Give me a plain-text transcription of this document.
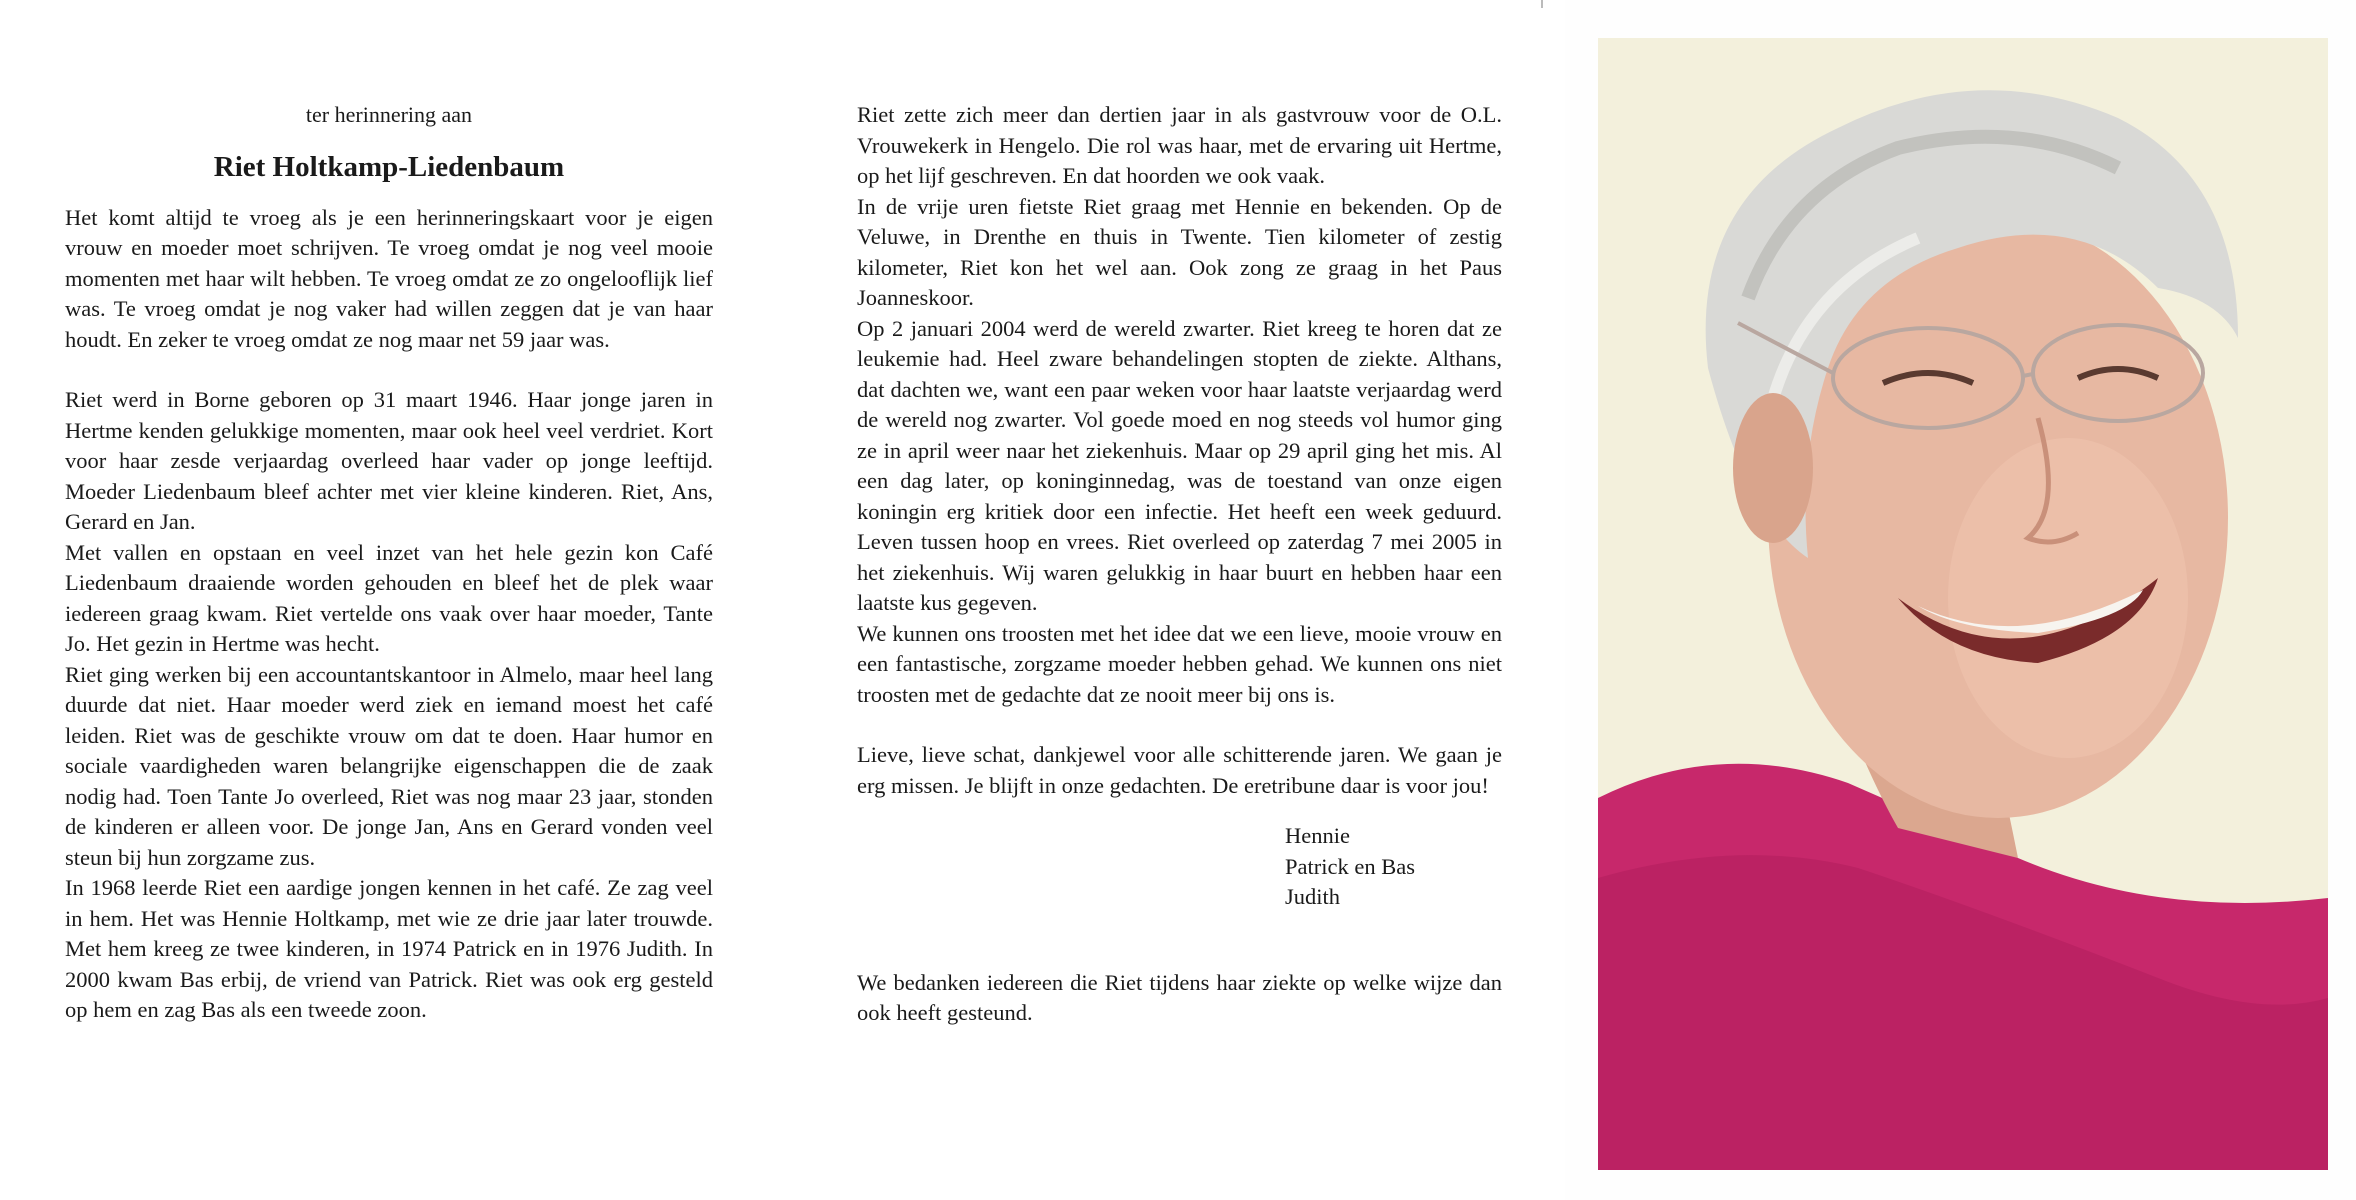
ter herinnering aan

Riet Holtkamp-Liedenbaum

Het komt altijd te vroeg als je een herinneringskaart voor je eigen vrouw en moeder moet schrijven. Te vroeg omdat je nog veel mooie momenten met haar wilt hebben. Te vroeg omdat ze zo ongelooflijk lief was. Te vroeg omdat je nog vaker had willen zeggen dat je van haar houdt. En zeker te vroeg omdat ze nog maar net 59 jaar was.

Riet werd in Borne geboren op 31 maart 1946. Haar jonge jaren in Hertme kenden gelukkige momenten, maar ook heel veel verdriet. Kort voor haar zesde verjaardag overleed haar vader op jonge leeftijd. Moeder Liedenbaum bleef achter met vier kleine kinderen. Riet, Ans, Gerard en Jan.

Met vallen en opstaan en veel inzet van het hele gezin kon Café Liedenbaum draaiende worden gehouden en bleef het de plek waar iedereen graag kwam. Riet vertelde ons vaak over haar moeder, Tante Jo. Het gezin in Hertme was hecht.

Riet ging werken bij een accountantskantoor in Almelo, maar heel lang duurde dat niet. Haar moeder werd ziek en iemand moest het café leiden. Riet was de geschikte vrouw om dat te doen. Haar humor en sociale vaardigheden waren belangrijke eigenschappen die de zaak nodig had. Toen Tante Jo overleed, Riet was nog maar 23 jaar, stonden de kinderen er alleen voor. De jonge Jan, Ans en Gerard vonden veel steun bij hun zorgzame zus.

In 1968 leerde Riet een aardige jongen kennen in het café. Ze zag veel in hem. Het was Hennie Holtkamp, met wie ze drie jaar later trouwde. Met hem kreeg ze twee kinderen, in 1974 Patrick en in 1976 Judith. In 2000 kwam Bas erbij, de vriend van Patrick. Riet was ook erg gesteld op hem en zag Bas als een tweede zoon.

Riet zette zich meer dan dertien jaar in als gastvrouw voor de O.L. Vrouwekerk in Hengelo. Die rol was haar, met de ervaring uit Hertme, op het lijf geschreven. En dat hoorden we ook vaak.

In de vrije uren fietste Riet graag met Hennie en bekenden. Op de Veluwe, in Drenthe en thuis in Twente. Tien kilometer of zestig kilometer, Riet kon het wel aan. Ook zong ze graag in het Paus Joanneskoor.

Op 2 januari 2004 werd de wereld zwarter. Riet kreeg te horen dat ze leukemie had. Heel zware behandelingen stopten de ziekte. Althans, dat dachten we, want een paar weken voor haar laatste verjaardag werd de wereld nog zwarter. Vol goede moed en nog steeds vol humor ging ze in april weer naar het ziekenhuis. Maar op 29 april ging het mis. Al een dag later, op koninginnedag, was de toestand van onze eigen koningin erg kritiek door een infectie. Het heeft een week geduurd. Leven tussen hoop en vrees. Riet overleed op zaterdag 7 mei 2005 in het ziekenhuis. Wij waren gelukkig in haar buurt en hebben haar een laatste kus gegeven.

We kunnen ons troosten met het idee dat we een lieve, mooie vrouw en een fantastische, zorgzame moeder hebben gehad. We kunnen ons niet troosten met de gedachte dat ze nooit meer bij ons is.

Lieve, lieve schat, dankjewel voor alle schitterende jaren. We gaan je erg missen. Je blijft in onze gedachten. De eretribune daar is voor jou!

Hennie
Patrick en Bas
Judith

We bedanken iedereen die Riet tijdens haar ziekte op welke wijze dan ook heeft gesteund.
